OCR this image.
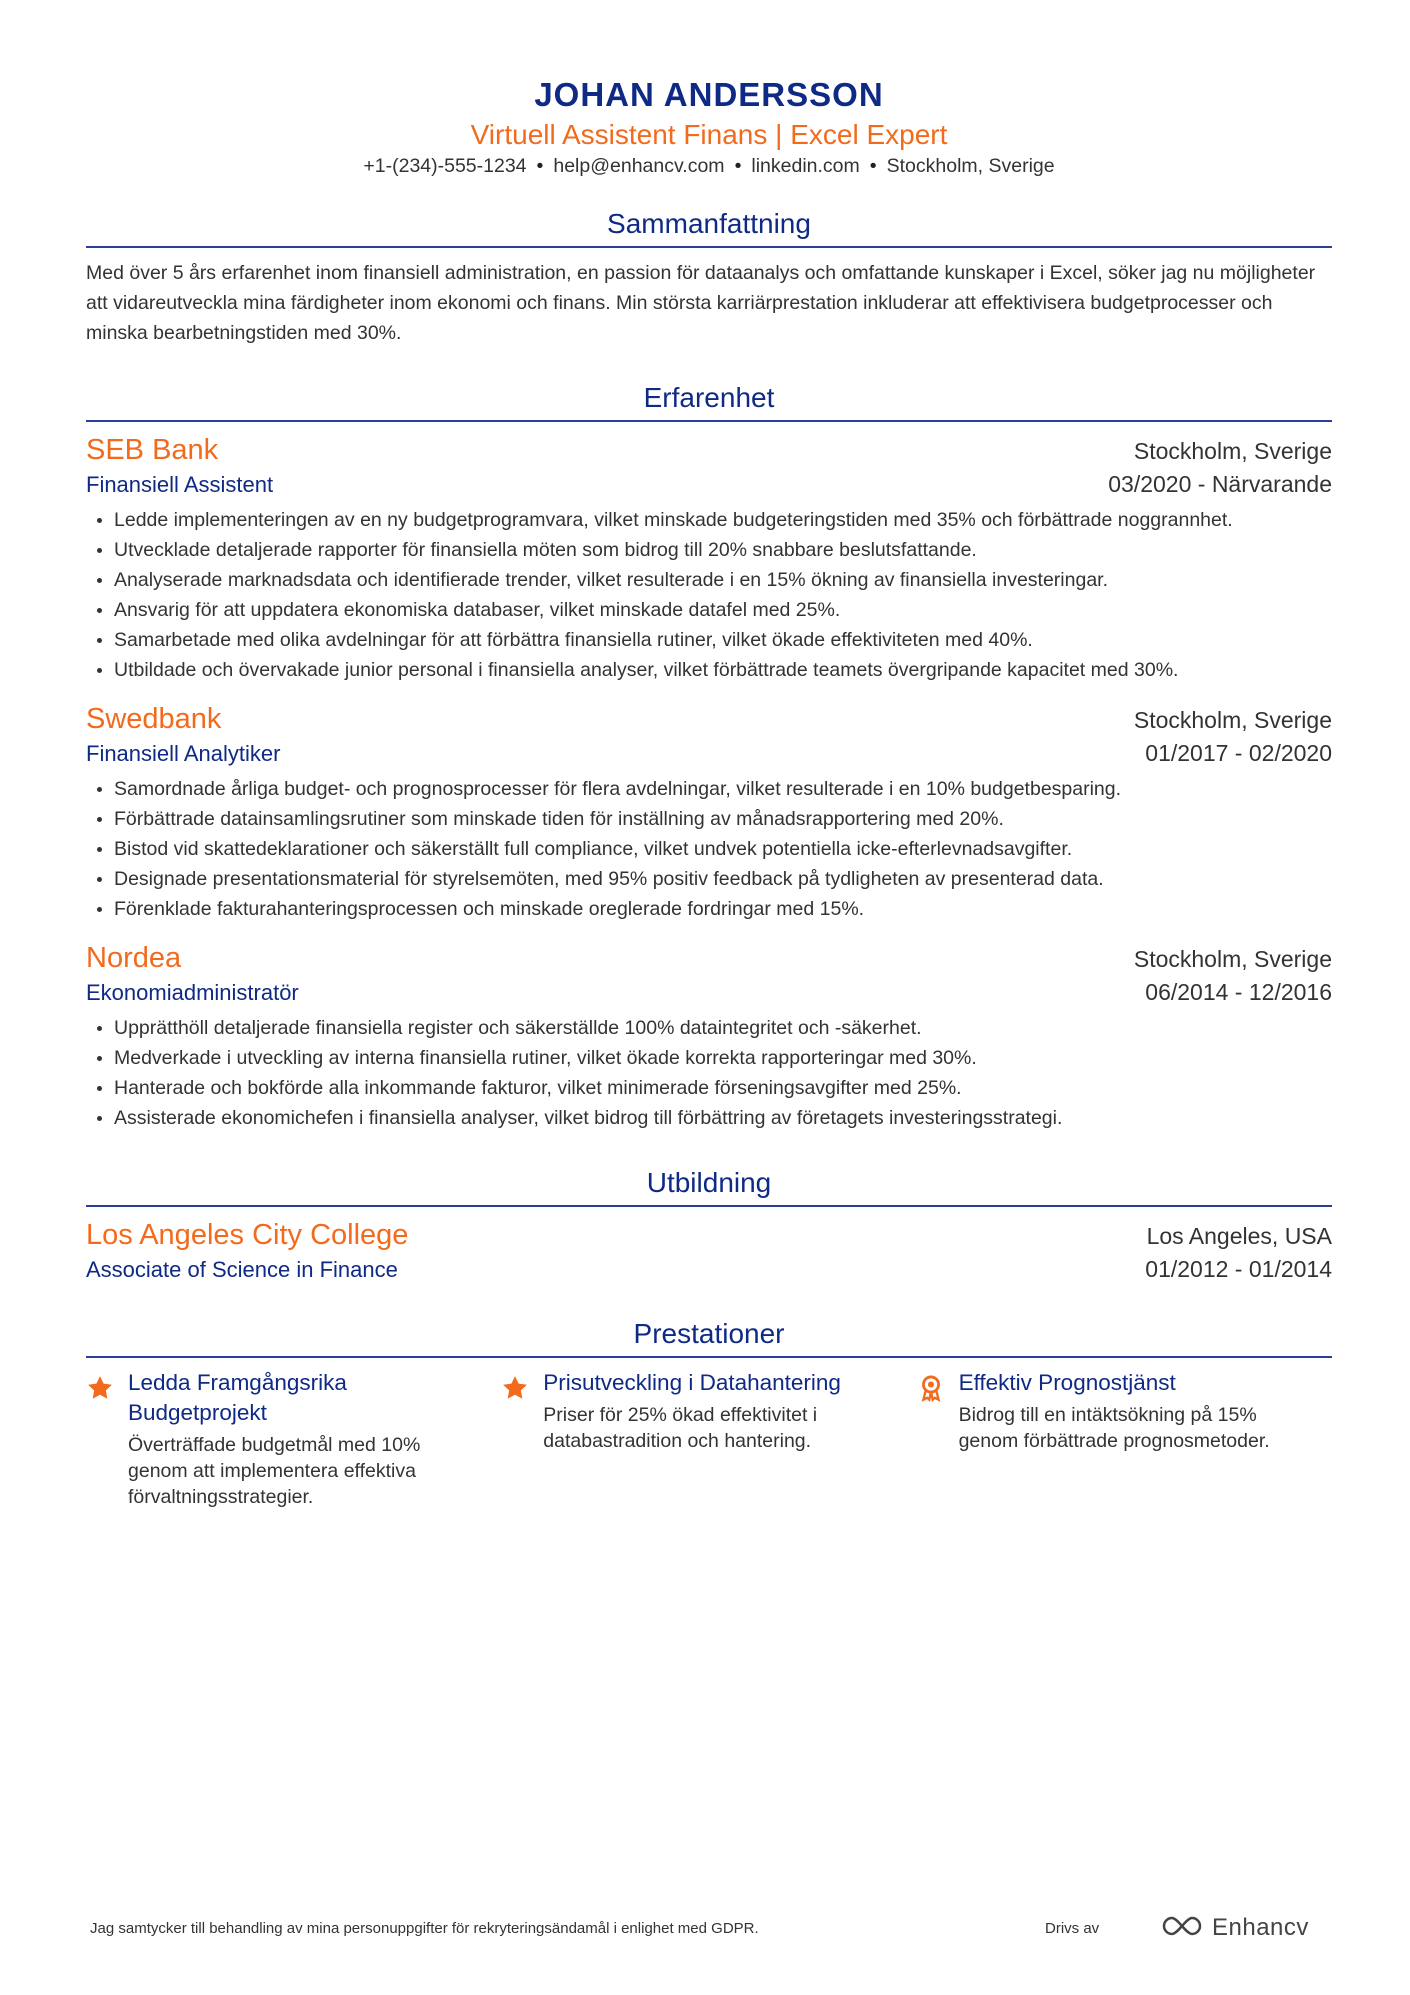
JOHAN ANDERSSON
Virtuell Assistent Finans | Excel Expert
+1-(234)-555-1234 • help@enhancv.com • linkedin.com • Stockholm, Sverige
Sammanfattning
Med över 5 års erfarenhet inom finansiell administration, en passion för dataanalys och omfattande kunskaper i Excel, söker jag nu möjligheter att vidareutveckla mina färdigheter inom ekonomi och finans. Min största karriärprestation inkluderar att effektivisera budgetprocesser och minska bearbetningstiden med 30%.
Erfarenhet
SEB Bank	Stockholm, Sverige
Finansiell Assistent	03/2020 - Närvarande
Ledde implementeringen av en ny budgetprogramvara, vilket minskade budgeteringstiden med 35% och förbättrade noggrannhet.
Utvecklade detaljerade rapporter för finansiella möten som bidrog till 20% snabbare beslutsfattande.
Analyserade marknadsdata och identifierade trender, vilket resulterade i en 15% ökning av finansiella investeringar.
Ansvarig för att uppdatera ekonomiska databaser, vilket minskade datafel med 25%.
Samarbetade med olika avdelningar för att förbättra finansiella rutiner, vilket ökade effektiviteten med 40%.
Utbildade och övervakade junior personal i finansiella analyser, vilket förbättrade teamets övergripande kapacitet med 30%.
Swedbank	Stockholm, Sverige
Finansiell Analytiker	01/2017 - 02/2020
Samordnade årliga budget- och prognosprocesser för flera avdelningar, vilket resulterade i en 10% budgetbesparing.
Förbättrade datainsamlingsrutiner som minskade tiden för inställning av månadsrapportering med 20%.
Bistod vid skattedeklarationer och säkerställt full compliance, vilket undvek potentiella icke-efterlevnadsavgifter.
Designade presentationsmaterial för styrelsemöten, med 95% positiv feedback på tydligheten av presenterad data.
Förenklade fakturahanteringsprocessen och minskade oreglerade fordringar med 15%.
Nordea	Stockholm, Sverige
Ekonomiadministratör	06/2014 - 12/2016
Upprätthöll detaljerade finansiella register och säkerställde 100% dataintegritet och -säkerhet.
Medverkade i utveckling av interna finansiella rutiner, vilket ökade korrekta rapporteringar med 30%.
Hanterade och bokförde alla inkommande fakturor, vilket minimerade förseningsavgifter med 25%.
Assisterade ekonomichefen i finansiella analyser, vilket bidrog till förbättring av företagets investeringsstrategi.
Utbildning
Los Angeles City College	Los Angeles, USA
Associate of Science in Finance	01/2012 - 01/2014
Prestationer
Ledda Framgångsrika Budgetprojekt
Överträffade budgetmål med 10% genom att implementera effektiva förvaltningsstrategier.
Prisutveckling i Datahantering
Priser för 25% ökad effektivitet i databastradition och hantering.
Effektiv Prognostjänst
Bidrog till en intäktsökning på 15% genom förbättrade prognosmetoder.
Jag samtycker till behandling av mina personuppgifter för rekryteringsändamål i enlighet med GDPR.	Drivs av	Enhancv
